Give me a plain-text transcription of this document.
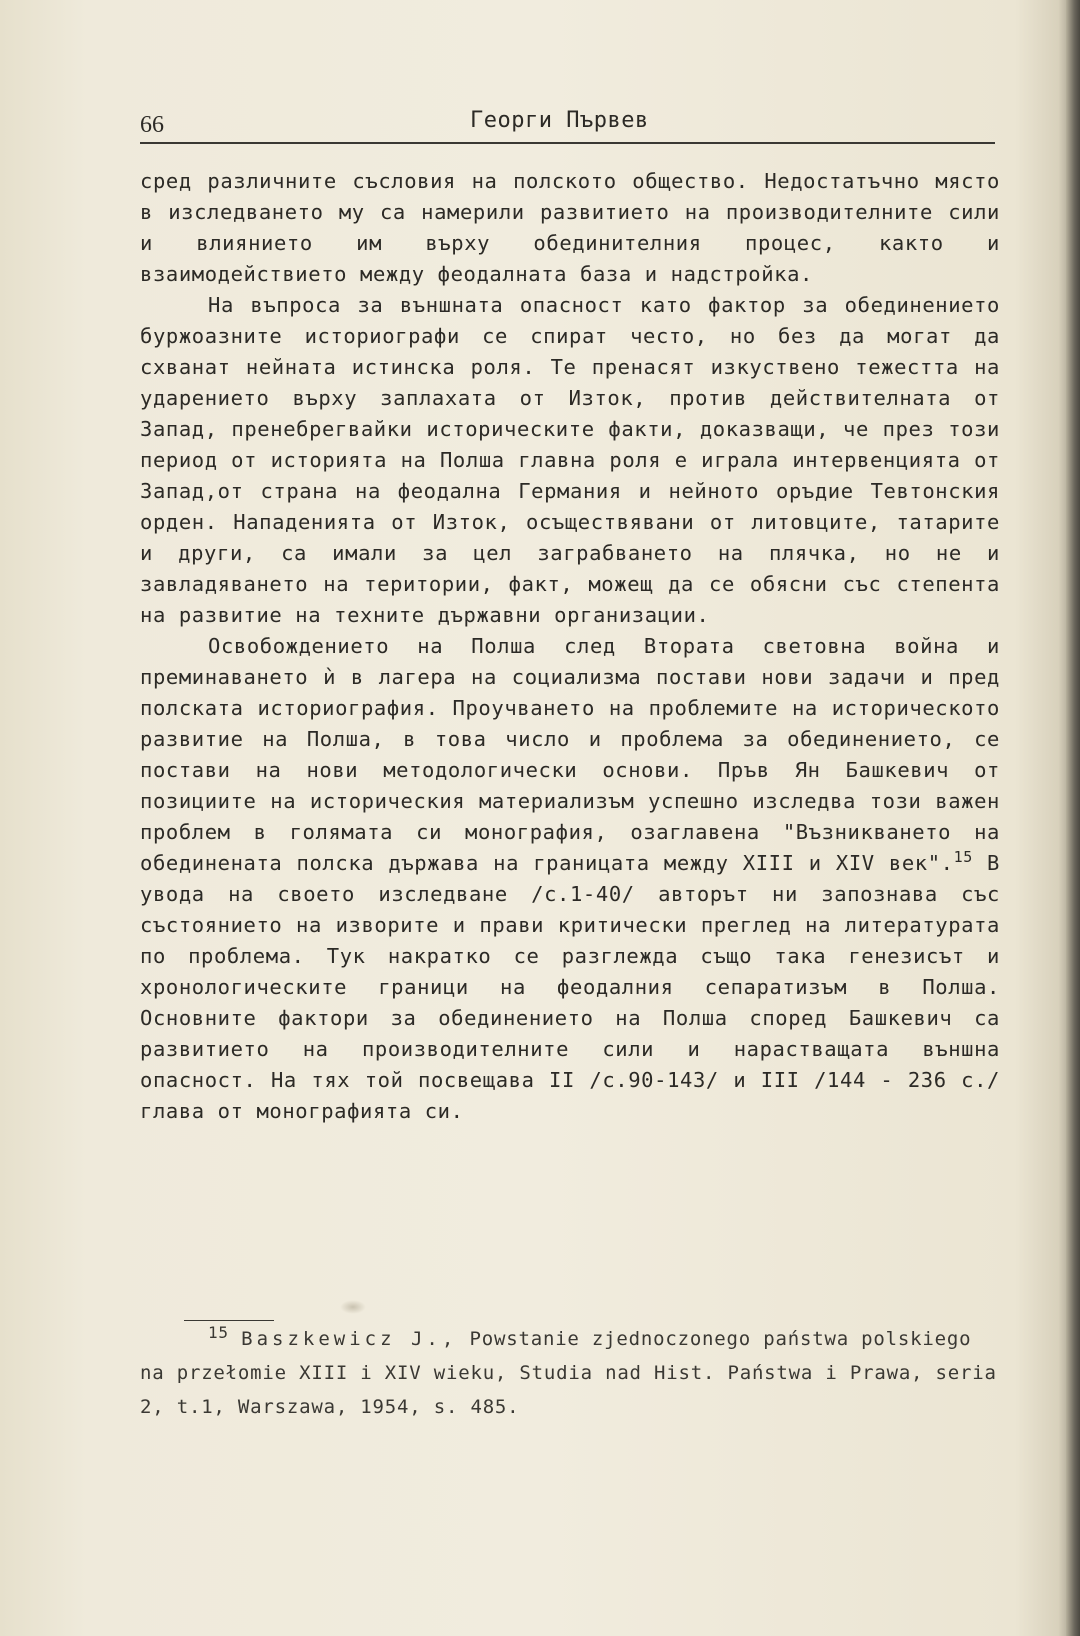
66	Георги Първев

сред различните съсловия на полското общество. Недостатъчно място в изследването му са намерили развитието на производителните сили и влиянието им върху обединителния процес, както и взаимодействието между феодалната база и надстройка.

На въпроса за външната опасност като фактор за обединението буржоазните историографи се спират често, но без да могат да схванат нейната истинска роля. Те пренасят изкуствено тежестта на ударението върху заплахата от Изток, против действителната от Запад, пренебрегвайки историческите факти, доказващи, че през този период от историята на Полша главна роля е играла интервенцията от Запад,от страна на феодална Германия и нейното оръдие Тевтонския орден. Нападенията от Изток, осъществявани от литовците, татарите и други, са имали за цел заграбването на плячка, но не и завладяването на територии, факт, можещ да се обясни със степента на развитие на техните държавни организации.

Освобождението на Полша след Втората световна война и преминаването ѝ в лагера на социализма постави нови задачи и пред полската историография. Проучването на проблемите на историческото развитие на Полша, в това число и проблема за обединението, се постави на нови методологически основи. Пръв Ян Башкевич от позициите на историческия материализъм успешно изследва този важен проблем в голямата си монография, озаглавена "Възникването на обединената полска държава на границата между XIII и XIV век".$^{15}$ В увода на своето изследване /с.1-40/ авторът ни запознава със състоянието на изворите и прави критически преглед на литературата по проблема. Тук накратко се разглежда също така генезисът и хронологическите граници на феодалния сепаратизъм в Полша. Основните фактори за обединението на Полша според Башкевич са развитието на производителните сили и нарастващата външна опасност. На тях той посвещава II /с.90-143/ и III /144 - 236 с./ глава от монографията си.

$^{15}$ Baszkewicz J., Powstanie zjednoczonego państwa polskiego na przełomie XIII i XIV wieku, Studia nad Hist. Państwa i Prawa, seria 2, t.1, Warszawa, 1954, s. 485.
